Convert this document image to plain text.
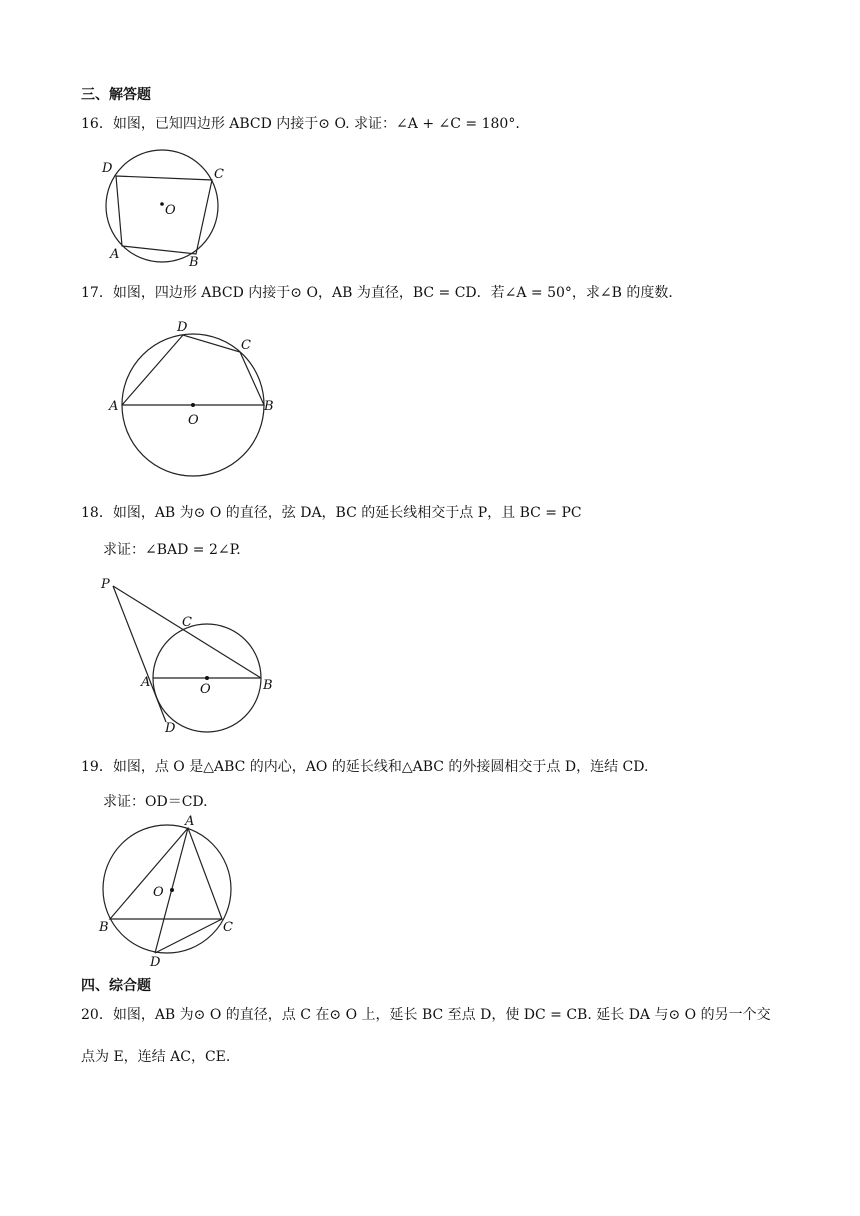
三、解答题
16．如图，已知四边形 ABCD 内接于⊙ O. 求证：∠A + ∠C = 180°.
D	C
O
A
B
17．如图，四边形 ABCD 内接于⊙ O，AB 为直径，BC = CD．若∠A = 50°，求∠B 的度数．
D
C
A
O
B
18．如图，AB 为⊙ O 的直径，弦 DA，BC 的延长线相交于点 P，且 BC = PC
求证：∠BAD = 2∠P.
P
C
A	O	B
D
19．如图，点 O 是△ABC 的内心，AO 的延长线和△ABC 的外接圆相交于点 D，连结 CD.
求证：OD＝CD.
A
O
B	C
D
四、综合题
20．如图，AB 为⊙ O 的直径，点 C 在⊙ O 上，延长 BC 至点 D，使 DC = CB. 延长 DA 与⊙ O 的另一个交
点为 E，连结 AC，CE.
